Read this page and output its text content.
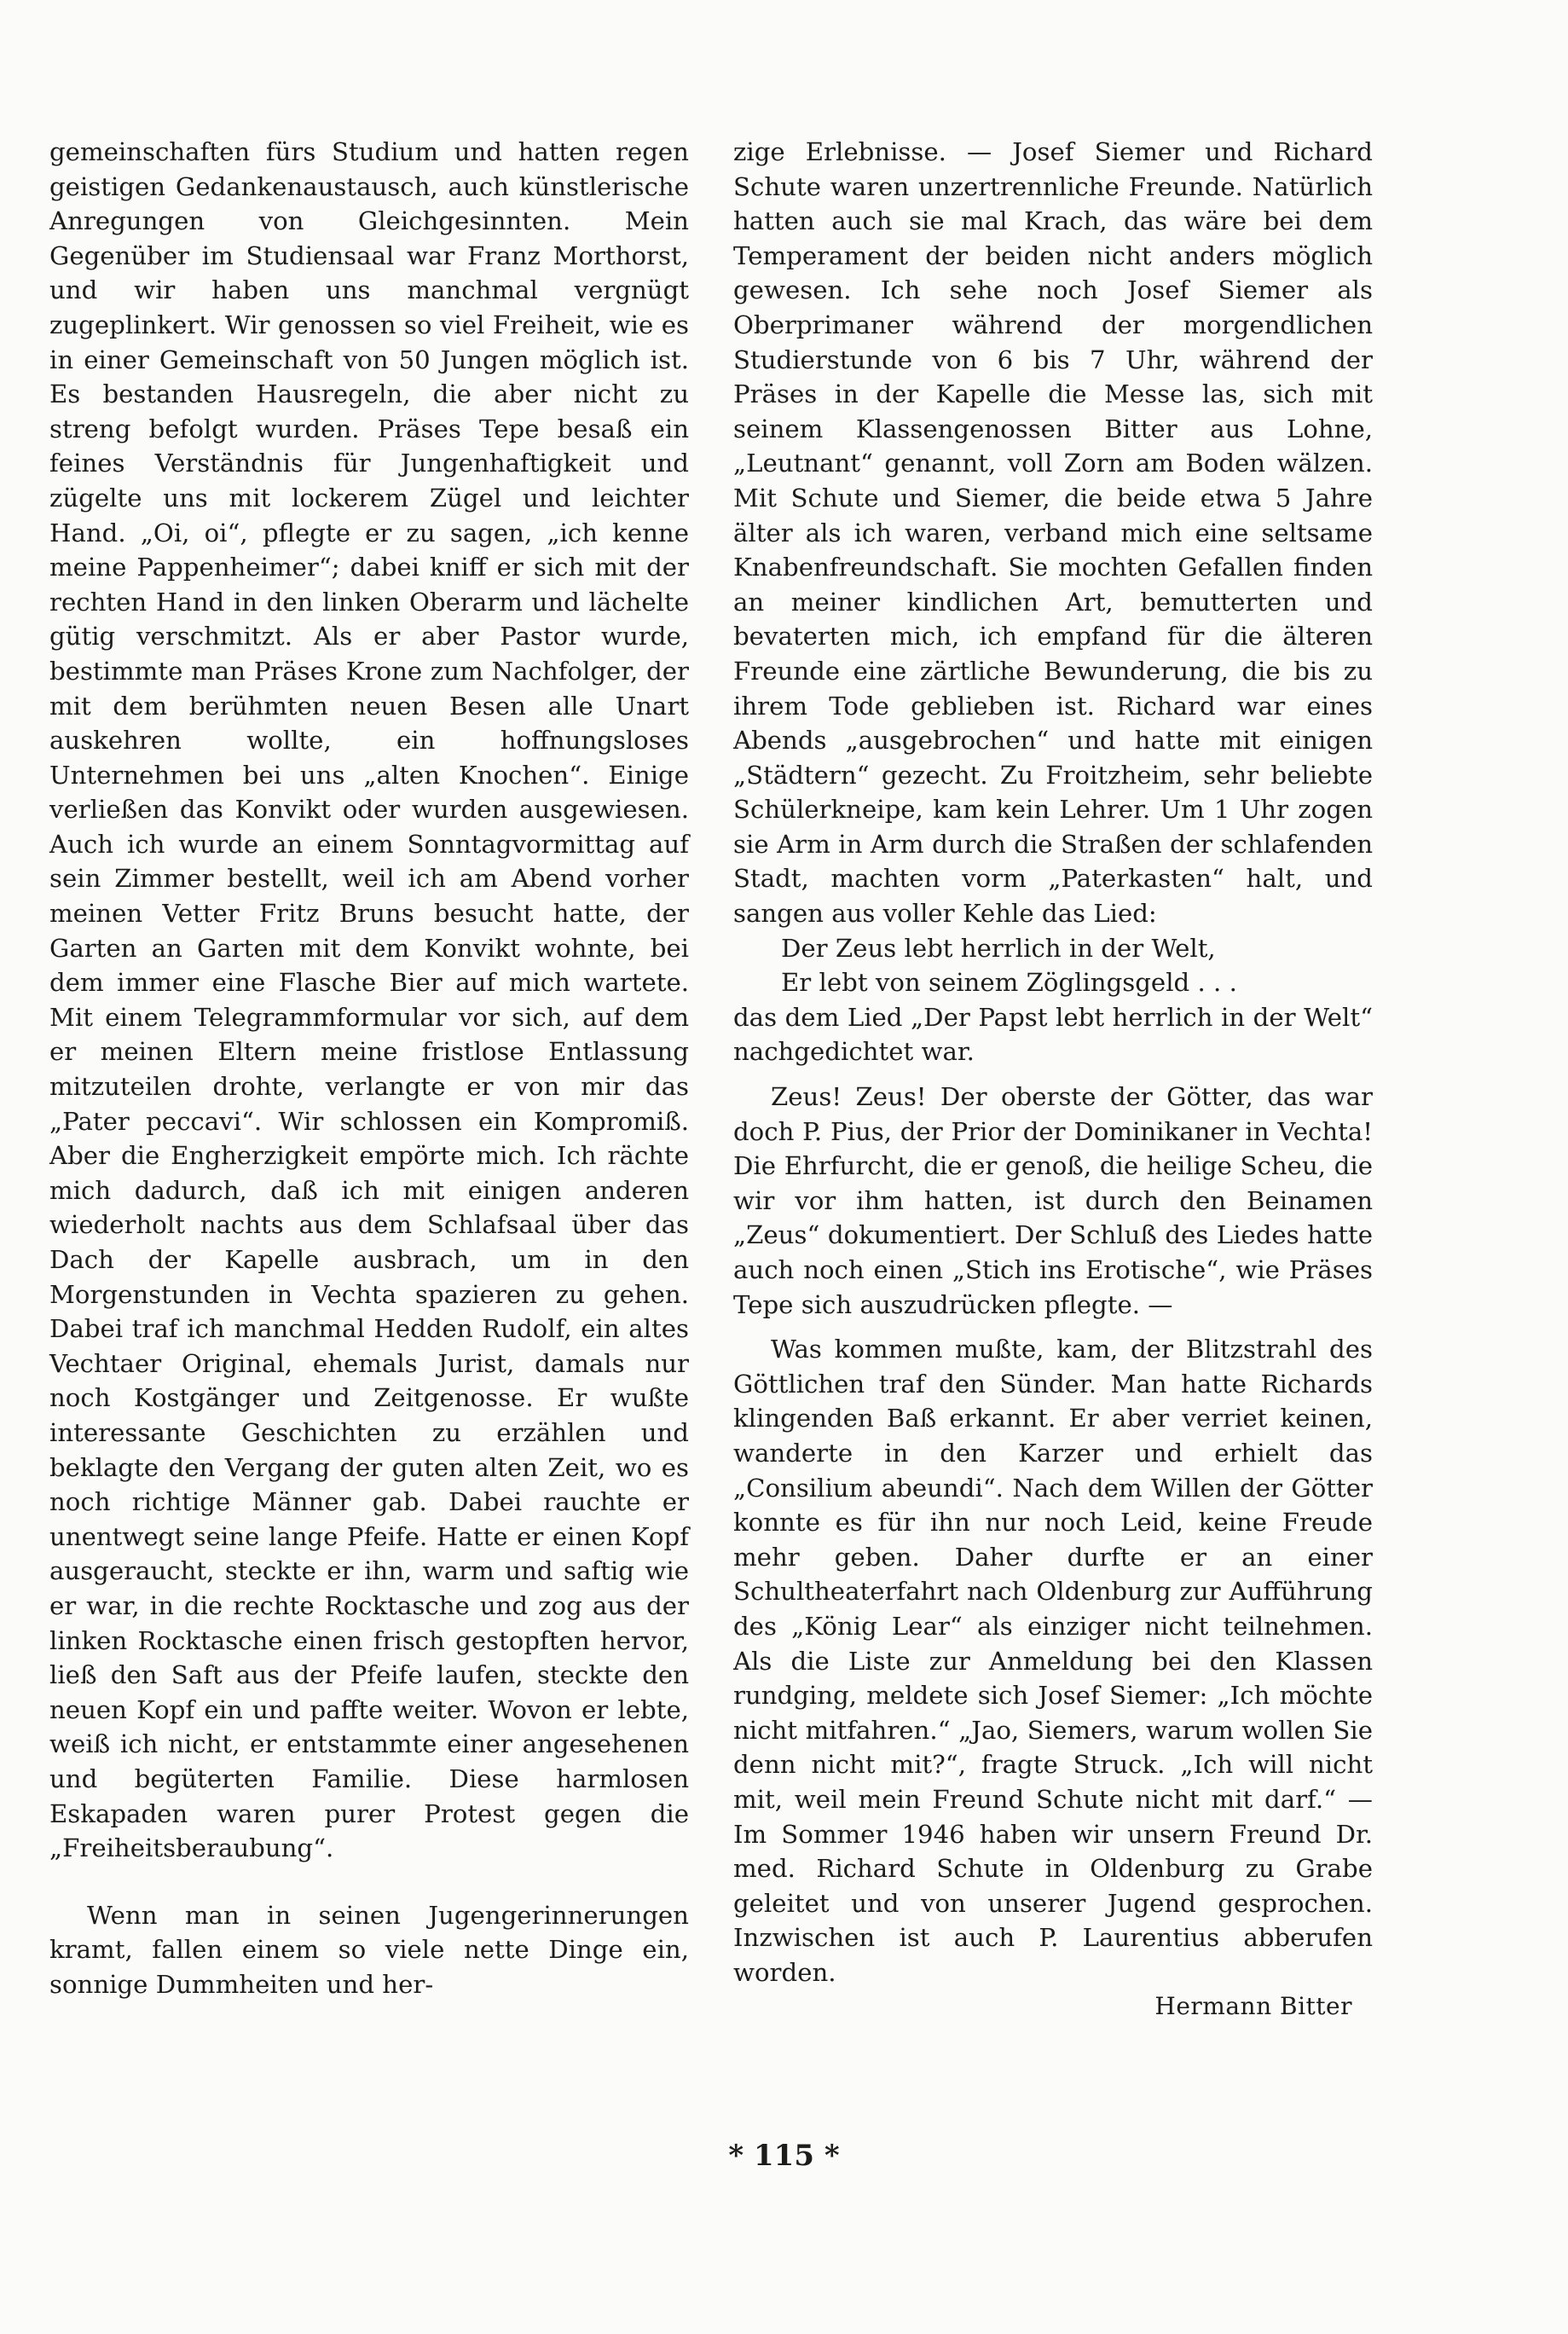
gemeinschaften fürs Studium und hatten regen geistigen Gedankenaustausch, auch künstlerische Anregungen von Gleichgesinnten. Mein Gegenüber im Studiensaal war Franz Morthorst, und wir haben uns manchmal vergnügt zugeplinkert. Wir genossen so viel Freiheit, wie es in einer Gemeinschaft von 50 Jungen möglich ist. Es bestanden Hausregeln, die aber nicht zu streng befolgt wurden. Präses Tepe besaß ein feines Verständnis für Jungenhaftigkeit und zügelte uns mit lockerem Zügel und leichter Hand. „Oi, oi“, pflegte er zu sagen, „ich kenne meine Pappenheimer“; dabei kniff er sich mit der rechten Hand in den linken Oberarm und lächelte gütig verschmitzt. Als er aber Pastor wurde, bestimmte man Präses Krone zum Nachfolger, der mit dem berühmten neuen Besen alle Unart auskehren wollte, ein hoffnungsloses Unternehmen bei uns „alten Knochen“. Einige verließen das Konvikt oder wurden ausgewiesen. Auch ich wurde an einem Sonntagvormittag auf sein Zimmer bestellt, weil ich am Abend vorher meinen Vetter Fritz Bruns besucht hatte, der Garten an Garten mit dem Konvikt wohnte, bei dem immer eine Flasche Bier auf mich wartete. Mit einem Telegrammformular vor sich, auf dem er meinen Eltern meine fristlose Entlassung mitzuteilen drohte, verlangte er von mir das „Pater peccavi“. Wir schlossen ein Kompromiß. Aber die Engherzigkeit empörte mich. Ich rächte mich dadurch, daß ich mit einigen anderen wiederholt nachts aus dem Schlafsaal über das Dach der Kapelle ausbrach, um in den Morgenstunden in Vechta spazieren zu gehen. Dabei traf ich manchmal Hedden Rudolf, ein altes Vechtaer Original, ehemals Jurist, damals nur noch Kostgänger und Zeitgenosse. Er wußte interessante Geschichten zu erzählen und beklagte den Vergang der guten alten Zeit, wo es noch richtige Männer gab. Dabei rauchte er unentwegt seine lange Pfeife. Hatte er einen Kopf ausgeraucht, steckte er ihn, warm und saftig wie er war, in die rechte Rocktasche und zog aus der linken Rocktasche einen frisch gestopften hervor, ließ den Saft aus der Pfeife laufen, steckte den neuen Kopf ein und paffte weiter. Wovon er lebte, weiß ich nicht, er entstammte einer angesehenen und begüterten Familie. Diese harmlosen Eskapaden waren purer Protest gegen die „Freiheitsberaubung“.

Wenn man in seinen Jugengerinnerungen kramt, fallen einem so viele nette Dinge ein, sonnige Dummheiten und her-

zige Erlebnisse. — Josef Siemer und Richard Schute waren unzertrennliche Freunde. Natürlich hatten auch sie mal Krach, das wäre bei dem Temperament der beiden nicht anders möglich gewesen. Ich sehe noch Josef Siemer als Oberprimaner während der morgendlichen Studierstunde von 6 bis 7 Uhr, während der Präses in der Kapelle die Messe las, sich mit seinem Klassengenossen Bitter aus Lohne, „Leutnant“ genannt, voll Zorn am Boden wälzen. Mit Schute und Siemer, die beide etwa 5 Jahre älter als ich waren, verband mich eine seltsame Knabenfreundschaft. Sie mochten Gefallen finden an meiner kindlichen Art, bemutterten und bevaterten mich, ich empfand für die älteren Freunde eine zärtliche Bewunderung, die bis zu ihrem Tode geblieben ist. Richard war eines Abends „ausgebrochen“ und hatte mit einigen „Städtern“ gezecht. Zu Froitzheim, sehr beliebte Schülerkneipe, kam kein Lehrer. Um 1 Uhr zogen sie Arm in Arm durch die Straßen der schlafenden Stadt, machten vorm „Paterkasten“ halt, und sangen aus voller Kehle das Lied:

Der Zeus lebt herrlich in der Welt,

Er lebt von seinem Zöglingsgeld . . .

das dem Lied „Der Papst lebt herrlich in der Welt“ nachgedichtet war.

Zeus! Zeus! Der oberste der Götter, das war doch P. Pius, der Prior der Dominikaner in Vechta! Die Ehrfurcht, die er genoß, die heilige Scheu, die wir vor ihm hatten, ist durch den Beinamen „Zeus“ dokumentiert. Der Schluß des Liedes hatte auch noch einen „Stich ins Erotische“, wie Präses Tepe sich auszudrücken pflegte. —

Was kommen mußte, kam, der Blitzstrahl des Göttlichen traf den Sünder. Man hatte Richards klingenden Baß erkannt. Er aber verriet keinen, wanderte in den Karzer und erhielt das „Consilium abeundi“. Nach dem Willen der Götter konnte es für ihn nur noch Leid, keine Freude mehr geben. Daher durfte er an einer Schultheaterfahrt nach Oldenburg zur Aufführung des „König Lear“ als einziger nicht teilnehmen. Als die Liste zur Anmeldung bei den Klassen rundging, meldete sich Josef Siemer: „Ich möchte nicht mitfahren.“ „Jao, Siemers, warum wollen Sie denn nicht mit?“, fragte Struck. „Ich will nicht mit, weil mein Freund Schute nicht mit darf.“ — Im Sommer 1946 haben wir unsern Freund Dr. med. Richard Schute in Oldenburg zu Grabe geleitet und von unserer Jugend gesprochen. Inzwischen ist auch P. Laurentius abberufen worden.

Hermann Bitter

* 115 *
